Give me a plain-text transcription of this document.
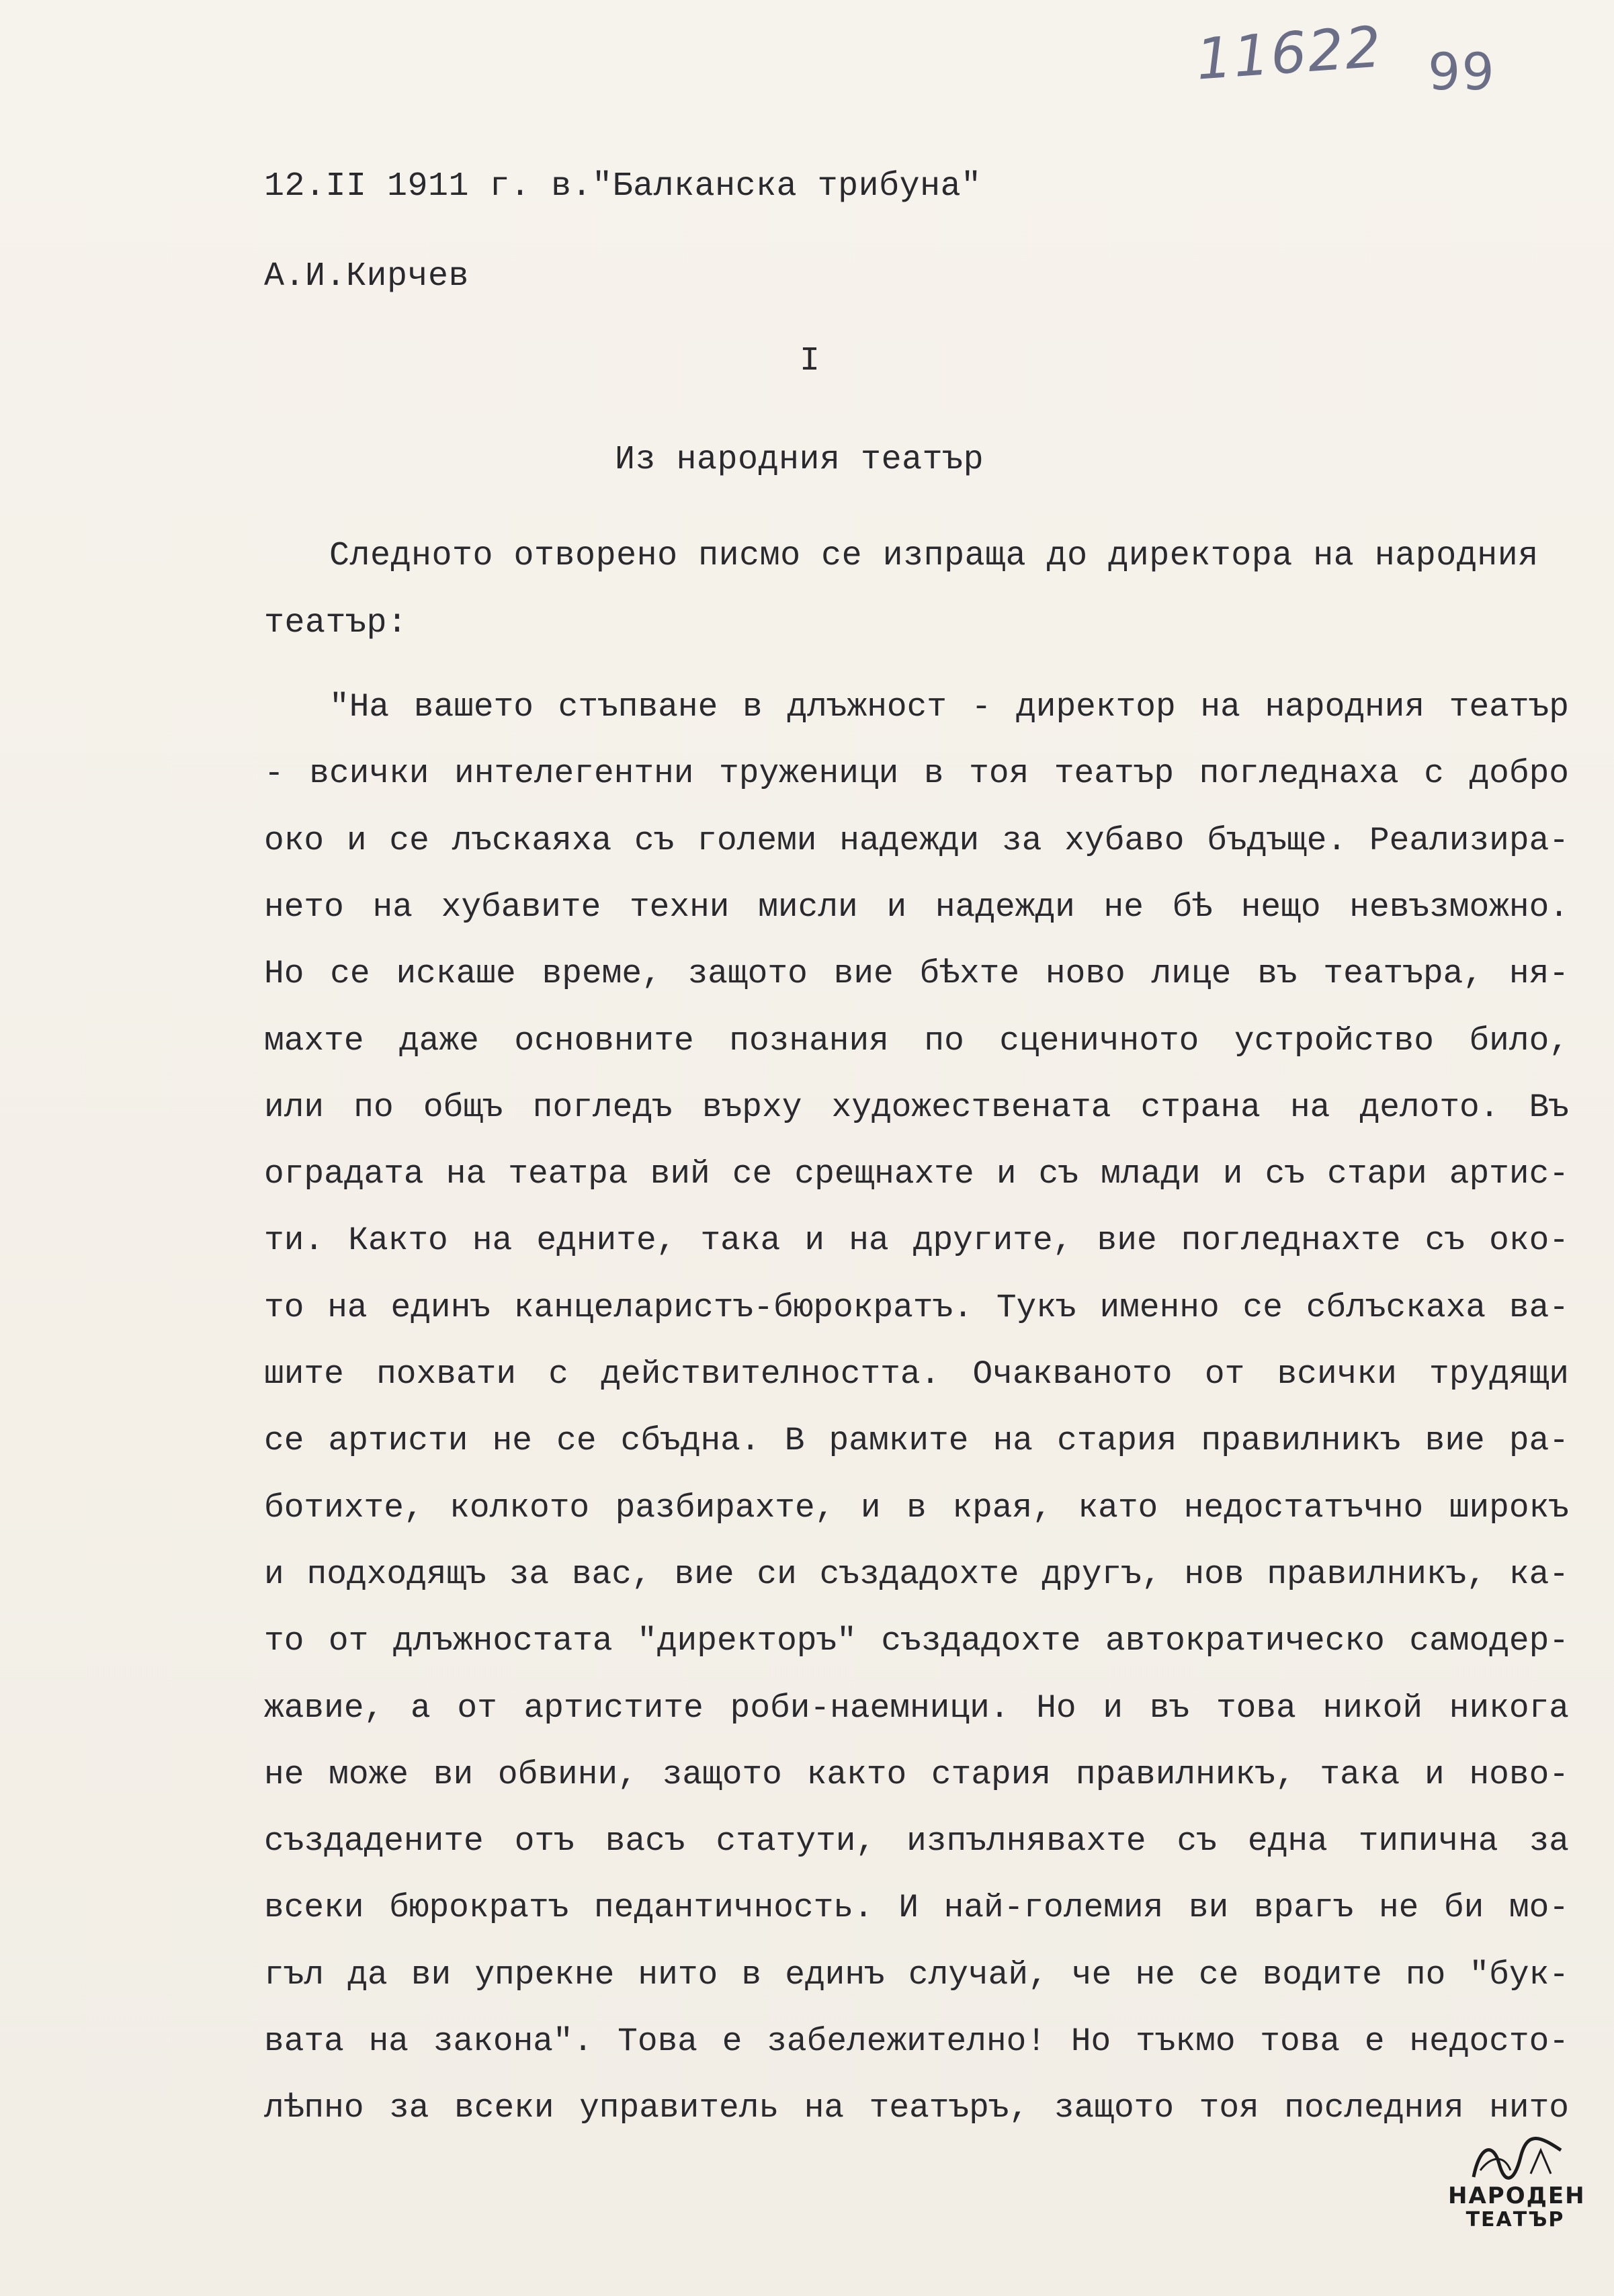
11622 99
12.II 1911 г. в."Балканска трибуна"
А.И.Кирчев
I
Из народния театър
Следното отворено писмо се изпраща до директора на народния
театър:
"На вашето стъпване в длъжност - директор на народния театър
- всички интелегентни труженици в тоя театър погледнаха с добро
око и се лъскаяха съ големи надежди за хубаво бъдъще. Реализира-
нето на хубавите техни мисли и надежди не бѣ нещо невъзможно.
Но се искаше време, защото вие бѣхте ново лице въ театъра, ня-
махте даже основните познания по сценичното устройство било,
или по общъ погледъ върху художествената страна на делото. Въ
оградата на театра вий се срещнахте и съ млади и съ стари артис-
ти. Както на едните, така и на другите, вие погледнахте съ око-
то на единъ канцеларистъ-бюрократъ. Тукъ именно се сблъскаха ва-
шите похвати с действителността. Очакваното от всички трудящи
се артисти не се сбъдна. В рамките на стария правилникъ вие ра-
ботихте, колкото разбирахте, и в края, като недостатъчно широкъ
и подходящъ за вас, вие си създадохте другъ, нов правилникъ, ка-
то от длъжностата "директоръ" създадохте автократическо самодер-
жавие, а от артистите роби-наемници. Но и въ това никой никога
не може ви обвини, защото както стария правилникъ, така и ново-
създадените отъ васъ статути, изпълнявахте съ една типична за
всеки бюрократъ педантичность. И най-големия ви врагъ не би мо-
гъл да ви упрекне нито в единъ случай, че не се водите по "бук-
вата на закона". Това е забележително! Но тъкмо това е недосто-
лѣпно за всеки управитель на театъръ, защото тоя последния нито
НАРОДЕН
ТЕАТЪР
